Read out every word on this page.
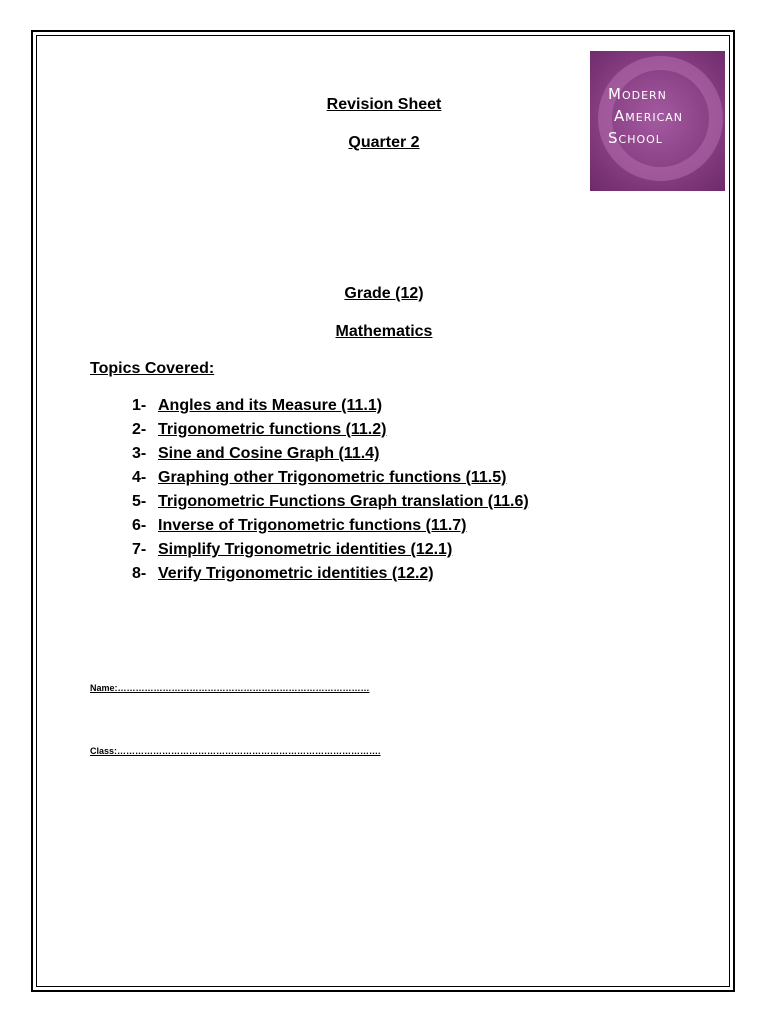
Modern
American
School
Revision Sheet
Quarter 2
Grade (12)
Mathematics
Topics Covered:
1- Angles and its Measure (11.1)
2- Trigonometric functions (11.2)
3- Sine and Cosine Graph (11.4)
4- Graphing other Trigonometric functions (11.5)
5- Trigonometric Functions Graph translation (11.6)
6- Inverse of Trigonometric functions (11.7)
7- Simplify Trigonometric identities (12.1)
8- Verify Trigonometric identities (12.2)
Name:…………………………………………………………………………
Class:…………………………………………………………………………….
